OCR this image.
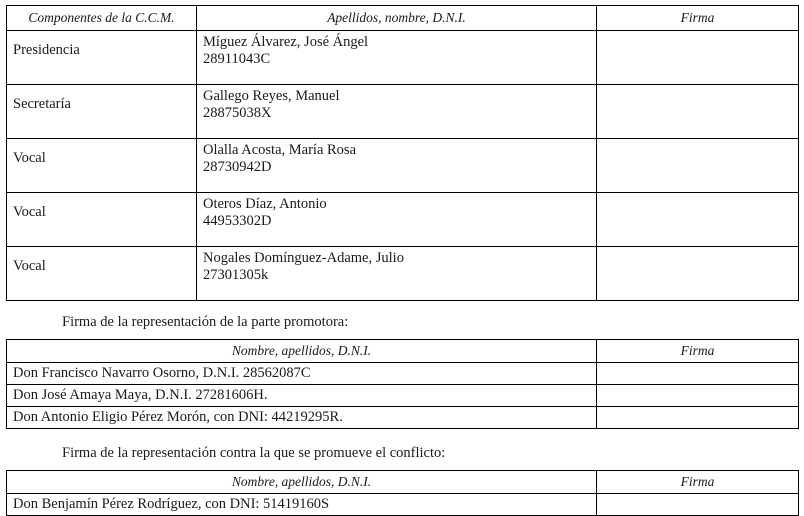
Componentes de la C.C.M.	Apellidos, nombre, D.N.I.	Firma
Presidencia	Míguez Álvarez, José Ángel
28911043C	

Secretaría	Gallego Reyes, Manuel
28875038X	

Vocal	Olalla Acosta, María Rosa
28730942D	

Vocal	Oteros Díaz, Antonio
44953302D	

Vocal	Nogales Domínguez-Adame, Julio
27301305k	

Firma de la representación de la parte promotora:
Nombre, apellidos, D.N.I.	Firma
Don Francisco Navarro Osorno, D.N.I. 28562087C	
Don José Amaya Maya, D.N.I. 27281606H.	
Don Antonio Eligio Pérez Morón, con DNI: 44219295R.	
Firma de la representación contra la que se promueve el conflicto:
Nombre, apellidos, D.N.I.	Firma
Don Benjamín Pérez Rodríguez, con DNI: 51419160S	
